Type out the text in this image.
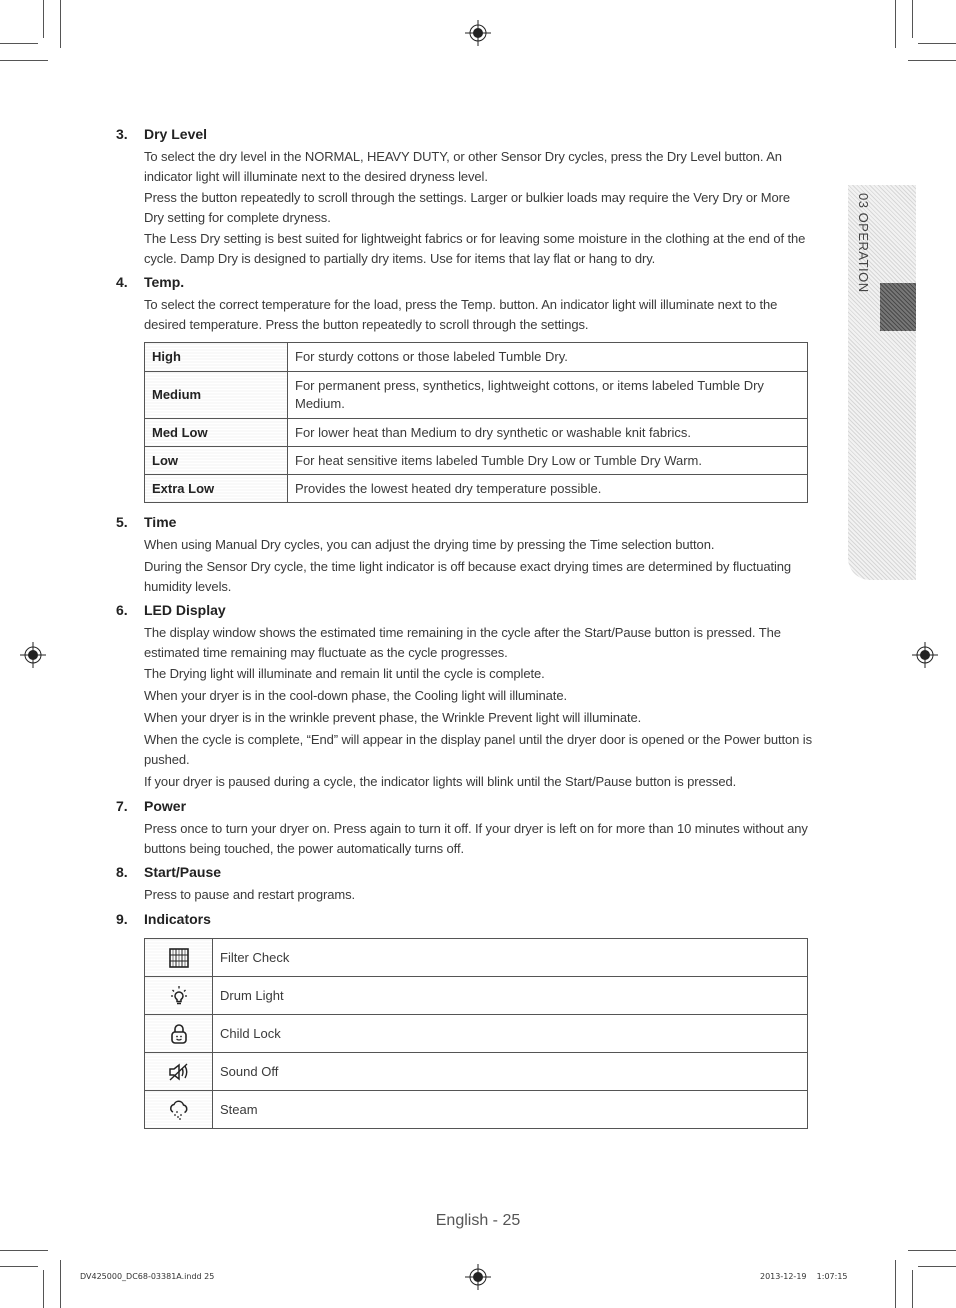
03 OPERATION
3. Dry Level
To select the dry level in the NORMAL, HEAVY DUTY, or other Sensor Dry cycles, press the Dry Level button. An indicator light will illuminate next to the desired dryness level.
Press the button repeatedly to scroll through the settings. Larger or bulkier loads may require the Very Dry or More Dry setting for complete dryness.
The Less Dry setting is best suited for lightweight fabrics or for leaving some moisture in the clothing at the end of the cycle. Damp Dry is designed to partially dry items. Use for items that lay flat or hang to dry.
4. Temp.
To select the correct temperature for the load, press the Temp. button. An indicator light will illuminate next to the desired temperature. Press the button repeatedly to scroll through the settings.
High	For sturdy cottons or those labeled Tumble Dry.
Medium	For permanent press, synthetics, lightweight cottons, or items labeled Tumble Dry Medium.
Med Low	For lower heat than Medium to dry synthetic or washable knit fabrics.
Low	For heat sensitive items labeled Tumble Dry Low or Tumble Dry Warm.
Extra Low	Provides the lowest heated dry temperature possible.
5. Time
When using Manual Dry cycles, you can adjust the drying time by pressing the Time selection button.
During the Sensor Dry cycle, the time light indicator is off because exact drying times are determined by fluctuating humidity levels.
6. LED Display
The display window shows the estimated time remaining in the cycle after the Start/Pause button is pressed. The estimated time remaining may fluctuate as the cycle progresses.
The Drying light will illuminate and remain lit until the cycle is complete.
When your dryer is in the cool-down phase, the Cooling light will illuminate.
When your dryer is in the wrinkle prevent phase, the Wrinkle Prevent light will illuminate.
When the cycle is complete, “End” will appear in the display panel until the dryer door is opened or the Power button is pushed.
If your dryer is paused during a cycle, the indicator lights will blink until the Start/Pause button is pressed.
7. Power
Press once to turn your dryer on. Press again to turn it off. If your dryer is left on for more than 10 minutes without any buttons being touched, the power automatically turns off.
8. Start/Pause
Press to pause and restart programs.
9. Indicators
	Filter Check
	Drum Light
	Child Lock
	Sound Off
	Steam
English - 25
DV425000_DC68-03381A.indd 25	2013-12-19    1:07:15
